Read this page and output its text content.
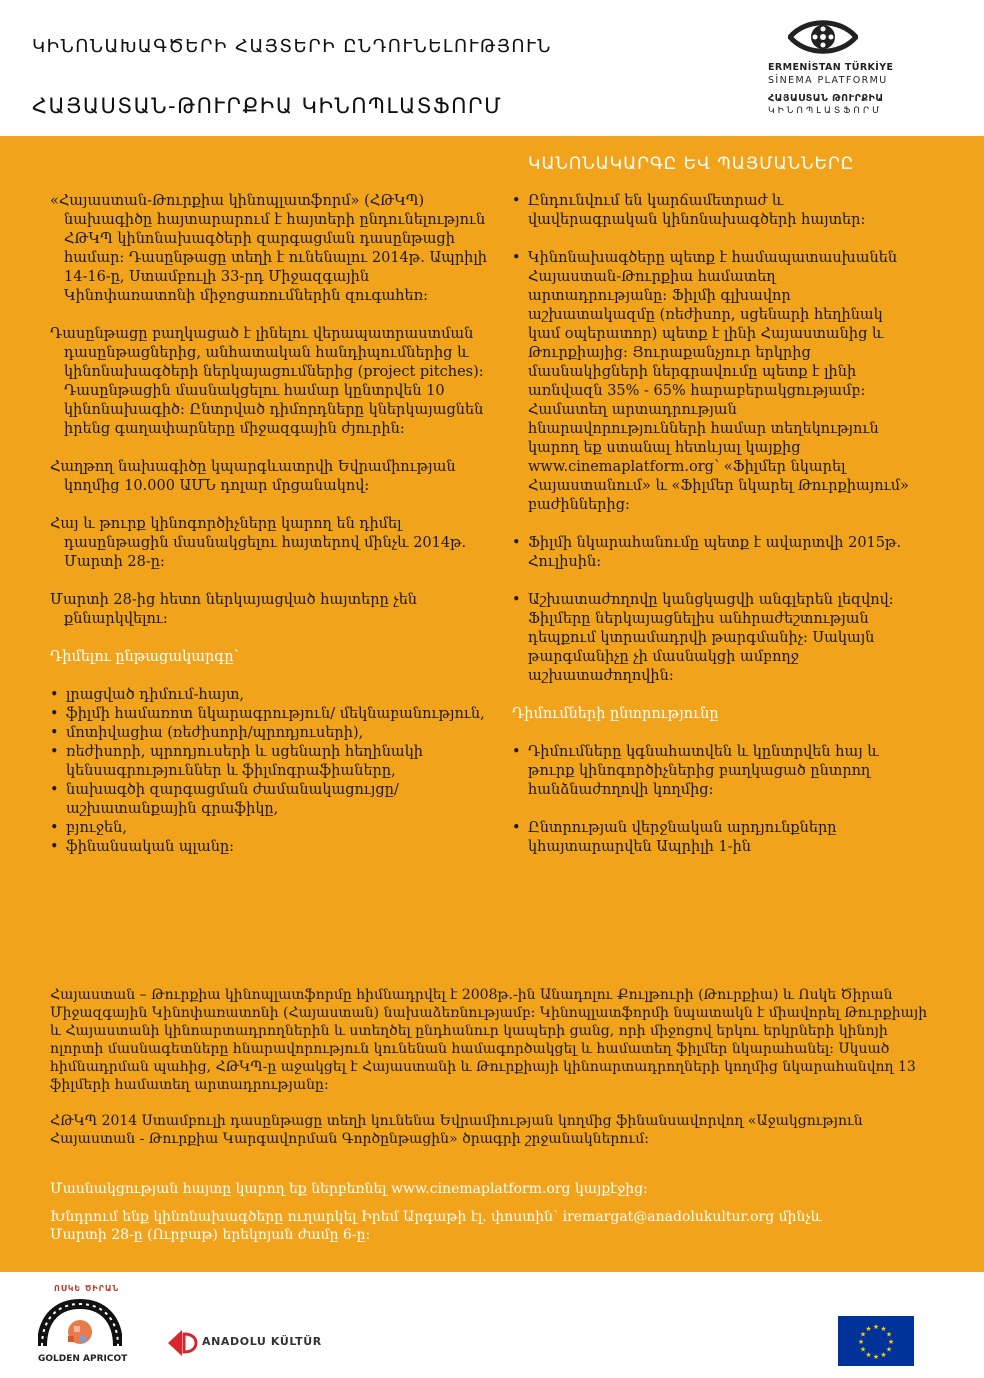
ԿԻՆՈՆԱԽԱԳԾԵՐԻ ՀԱՅՏԵՐԻ ԸՆԴՈՒՆԵԼՈՒԹՅՈՒՆ
ՀԱՅԱՍՏԱՆ-ԹՈՒՐՔԻԱ ԿԻՆՈՊԼԱՏՖՈՐՄ
ERMENİSTAN TÜRKİYE
SİNEMA PLATFORMU
ՀԱՅԱՍՏԱՆ ԹՈՒՐՔԻԱ
ԿԻՆՈՊԼԱՏՖՈՐՄ
ԿԱՆՈՆԱԿԱՐԳԸ ԵՎ ՊԱՅՄԱՆՆԵՐԸ

«Հայաստան-Թուրքիա կինոպլատֆորմ» (ՀԹԿՊ) նախագիծը հայտարարում է հայտերի ընդունելություն ՀԹԿՊ կինոնախագծերի զարգացման դասընթացի համար: Դասընթացը տեղի է ունենալու 2014թ. Ապրիլի 14-16-ը, Ստամբուլի 33-րդ Միջազգային Կինոփառատոնի միջոցառումներին զուգահեռ:

Դասընթացը բաղկացած է լինելու վերապատրաստման դասընթացներից, անհատական հանդիպումներից և կինոնախագծերի ներկայացումներից (project pitches): Դասընթացին մասնակցելու համար կընտրվեն 10 կինոնախագիծ: Ընտրված դիմորդները կներկայացնեն իրենց գաղափարները միջազգային ժյուրին:

Հաղթող նախագիծը կպարգևատրվի Եվրամիության կողմից 10.000 ԱՄՆ դոլար մրցանակով:

Հայ և թուրք կինոգործիչները կարող են դիմել դասընթացին մասնակցելու հայտերով մինչև 2014թ. Մարտի 28-ը:

Մարտի 28-ից հետո ներկայացված հայտերը չեն քննարկվելու:

Դիմելու ընթացակարգը՝

• լրացված դիմում-հայտ,
• ֆիլմի համառոտ նկարագրություն/ մեկնաբանություն,
• մոտիվացիա (ռեժիսորի/պրոդյուսերի),
• ռեժիսորի, պրոդյուսերի և սցենարի հեղինակի կենսագրություններ և ֆիլմոգրաֆիաները,
• նախագծի զարգացման ժամանակացույցը/ աշխատանքային գրաֆիկը,
• բյուջեն,
• ֆինանսական պլանը:
• Ընդունվում են կարճամետրաժ և վավերագրական կինոնախագծերի հայտեր:
• Կինոնախագծերը պետք է համապատասխանեն Հայաստան-Թուրքիա համատեղ արտադրությանը: Ֆիլմի գլխավոր աշխատակազմը (ռեժիսոր, սցենարի հեղինակ կամ օպերատոր) պետք է լինի Հայաստանից և Թուրքիայից: Յուրաքանչյուր երկրից մասնակիցների ներգրավումը պետք է լինի առնվազն 35% - 65% հարաբերակցությամբ: Համատեղ արտադրության հնարավորությունների համար տեղեկություն կարող եք ստանալ հետևյալ կայքից www.cinemaplatform.org՝ «Ֆիլմեր նկարել Հայաստանում» և «Ֆիլմեր նկարել Թուրքիայում» բաժիններից:
• Ֆիլմի նկարահանումը պետք է ավարտվի 2015թ. Հուլիսին:
• Աշխատաժողովը կանցկացվի անգլերեն լեզվով: Ֆիլմերը ներկայացնելիս անհրաժեշտության դեպքում կտրամադրվի թարգմանիչ: Սակայն թարգմանիչը չի մասնակցի ամբողջ աշխատաժողովին:

Դիմումների ընտրությունը

• Դիմումները կգնահատվեն և կընտրվեն հայ և թուրք կինոգործիչներից բաղկացած ընտրող հանձնաժողովի կողմից:
• Ընտրության վերջնական արդյունքները կհայտարարվեն Ապրիլի 1-ին
Հայաստան – Թուրքիա կինոպլատֆորմը հիմնադրվել է 2008թ.-ին Անադոլու Քուլթուրի (Թուրքիա) և Ոսկե Ծիրան Միջազգային Կինոփառատոնի (Հայաստան) նախաձեռնությամբ: Կինոպլատֆորմի նպատակն է միավորել Թուրքիայի և Հայաստանի կինոարտադրողներին և ստեղծել ընդհանուր կապերի ցանց, որի միջոցով երկու երկրների կինոյի ոլորտի մասնագետները հնարավորություն կունենան համագործակցել և համատեղ ֆիլմեր նկարահանել: Սկսած հիմնադրման պահից, ՀԹԿՊ-ը աջակցել է Հայաստանի և Թուրքիայի կինոարտադրողների կողմից նկարահանվող 13 ֆիլմերի համատեղ արտադրությանը:
ՀԹԿՊ 2014 Ստամբուլի դասընթացը տեղի կունենա Եվրամիության կողմից ֆինանսավորվող «Աջակցություն Հայաստան - Թուրքիա Կարգավորման Գործընթացին» ծրագրի շրջանակներում:
Մասնակցության հայտը կարող եք ներբեռնել www.cinemaplatform.org կայքէջից:
Խնդրում ենք կինոնախագծերը ուղարկել Իրեմ Արգաթի էլ. փոստին՝ iremargat@anadolukultur.org մինչև Մարտի 28-ը (Ուրբաթ) երեկոյան ժամը 6-ը:
ՈՍԿԵ ԾԻՐԱՆ
GOLDEN APRICOT
ANADOLU KÜLTÜR	★
★
★
★
★
★
★
★
★ ★ ★
★
